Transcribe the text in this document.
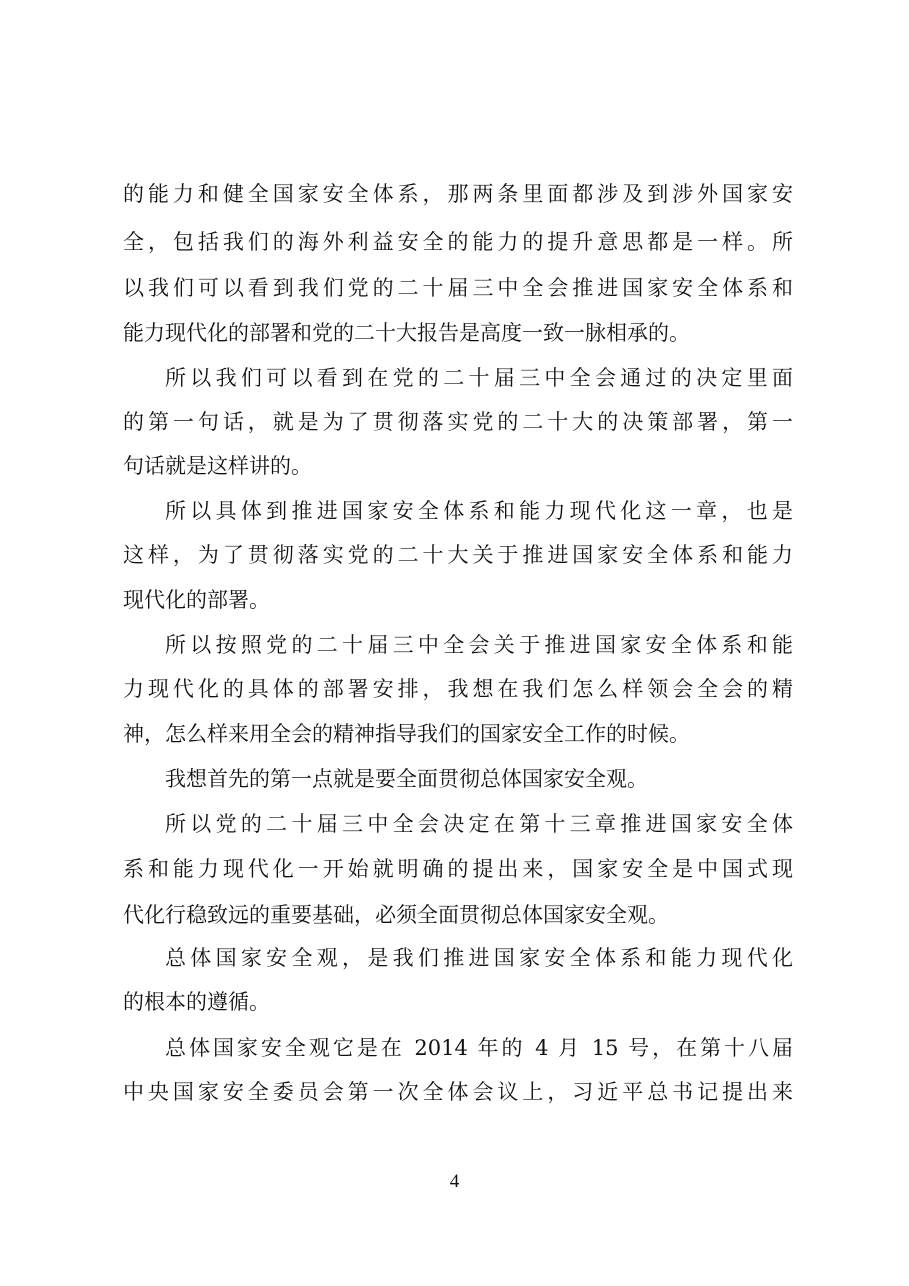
的能力和健全国家安全体系，那两条里面都涉及到涉外国家安
全，包括我们的海外利益安全的能力的提升意思都是一样。所
以我们可以看到我们党的二十届三中全会推进国家安全体系和
能力现代化的部署和党的二十大报告是高度一致一脉相承的。
所以我们可以看到在党的二十届三中全会通过的决定里面
的第一句话，就是为了贯彻落实党的二十大的决策部署，第一
句话就是这样讲的。
所以具体到推进国家安全体系和能力现代化这一章，也是
这样，为了贯彻落实党的二十大关于推进国家安全体系和能力
现代化的部署。
所以按照党的二十届三中全会关于推进国家安全体系和能
力现代化的具体的部署安排，我想在我们怎么样领会全会的精
神，怎么样来用全会的精神指导我们的国家安全工作的时候。
我想首先的第一点就是要全面贯彻总体国家安全观。
所以党的二十届三中全会决定在第十三章推进国家安全体
系和能力现代化一开始就明确的提出来，国家安全是中国式现
代化行稳致远的重要基础，必须全面贯彻总体国家安全观。
总体国家安全观，是我们推进国家安全体系和能力现代化
的根本的遵循。
总体国家安全观它是在 2014 年的 4 月 15 号，在第十八届
中央国家安全委员会第一次全体会议上，习近平总书记提出来
4
